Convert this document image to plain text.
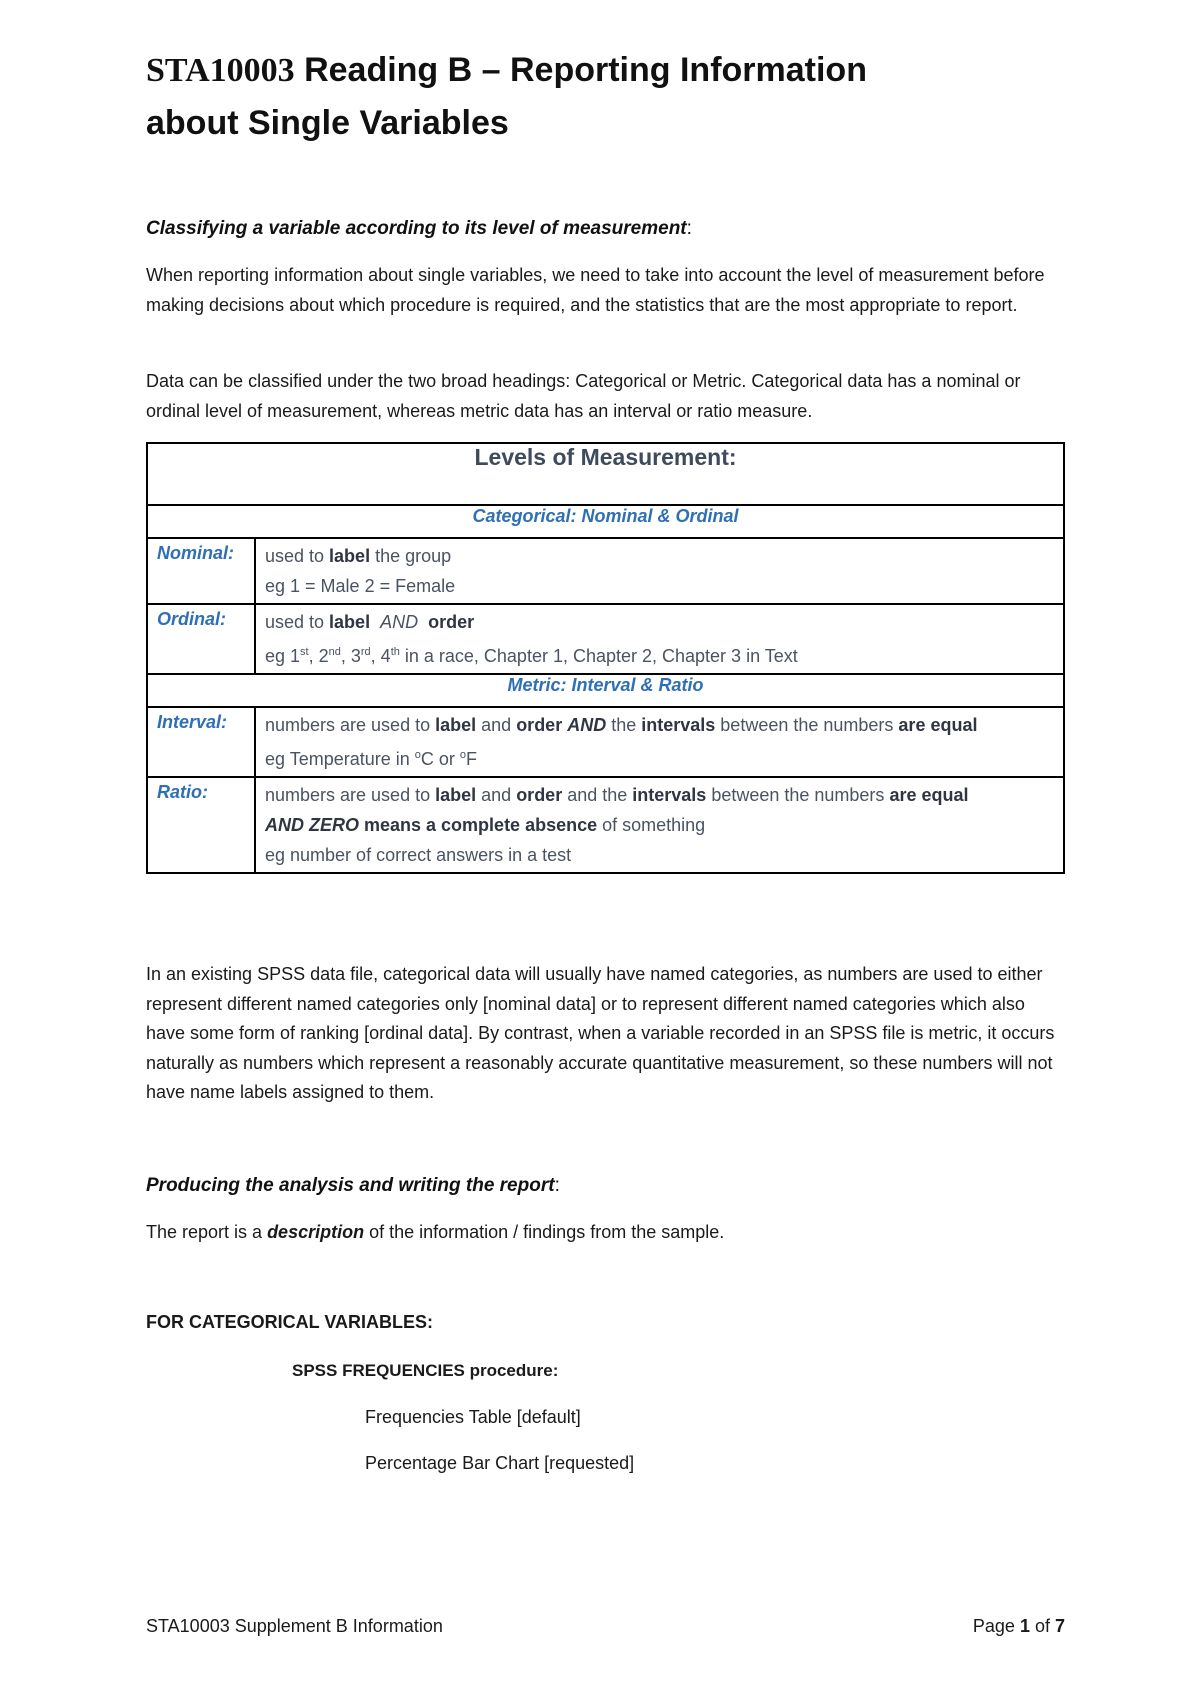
STA10003 Reading B – Reporting Information
about Single Variables
Classifying a variable according to its level of measurement:
When reporting information about single variables, we need to take into account the level of measurement before making decisions about which procedure is required, and the statistics that are the most appropriate to report.
Data can be classified under the two broad headings: Categorical or Metric. Categorical data has a nominal or ordinal level of measurement, whereas metric data has an interval or ratio measure.
Levels of Measurement:	
Categorical: Nominal & Ordinal	
Nominal:	used to label the group
eg 1 = Male 2 = Female
Ordinal:	used to label AND order
eg 1st, 2nd, 3rd, 4th in a race, Chapter 1, Chapter 2, Chapter 3 in Text
Metric: Interval & Ratio	
Interval:	numbers are used to label and order AND the intervals between the numbers are equal
eg Temperature in $^o$C or $^o$F
Ratio:	numbers are used to label and order and the intervals between the numbers are equal
AND ZERO means a complete absence of something
eg number of correct answers in a test
In an existing SPSS data file, categorical data will usually have named categories, as numbers are used to either represent different named categories only [nominal data] or to represent different named categories which also have some form of ranking [ordinal data]. By contrast, when a variable recorded in an SPSS file is metric, it occurs naturally as numbers which represent a reasonably accurate quantitative measurement, so these numbers will not have name labels assigned to them.
Producing the analysis and writing the report:
The report is a description of the information / findings from the sample.
FOR CATEGORICAL VARIABLES:
SPSS FREQUENCIES procedure:
Frequencies Table [default]
Percentage Bar Chart [requested]
STA10003 Supplement B Information	Page 1 of 7
